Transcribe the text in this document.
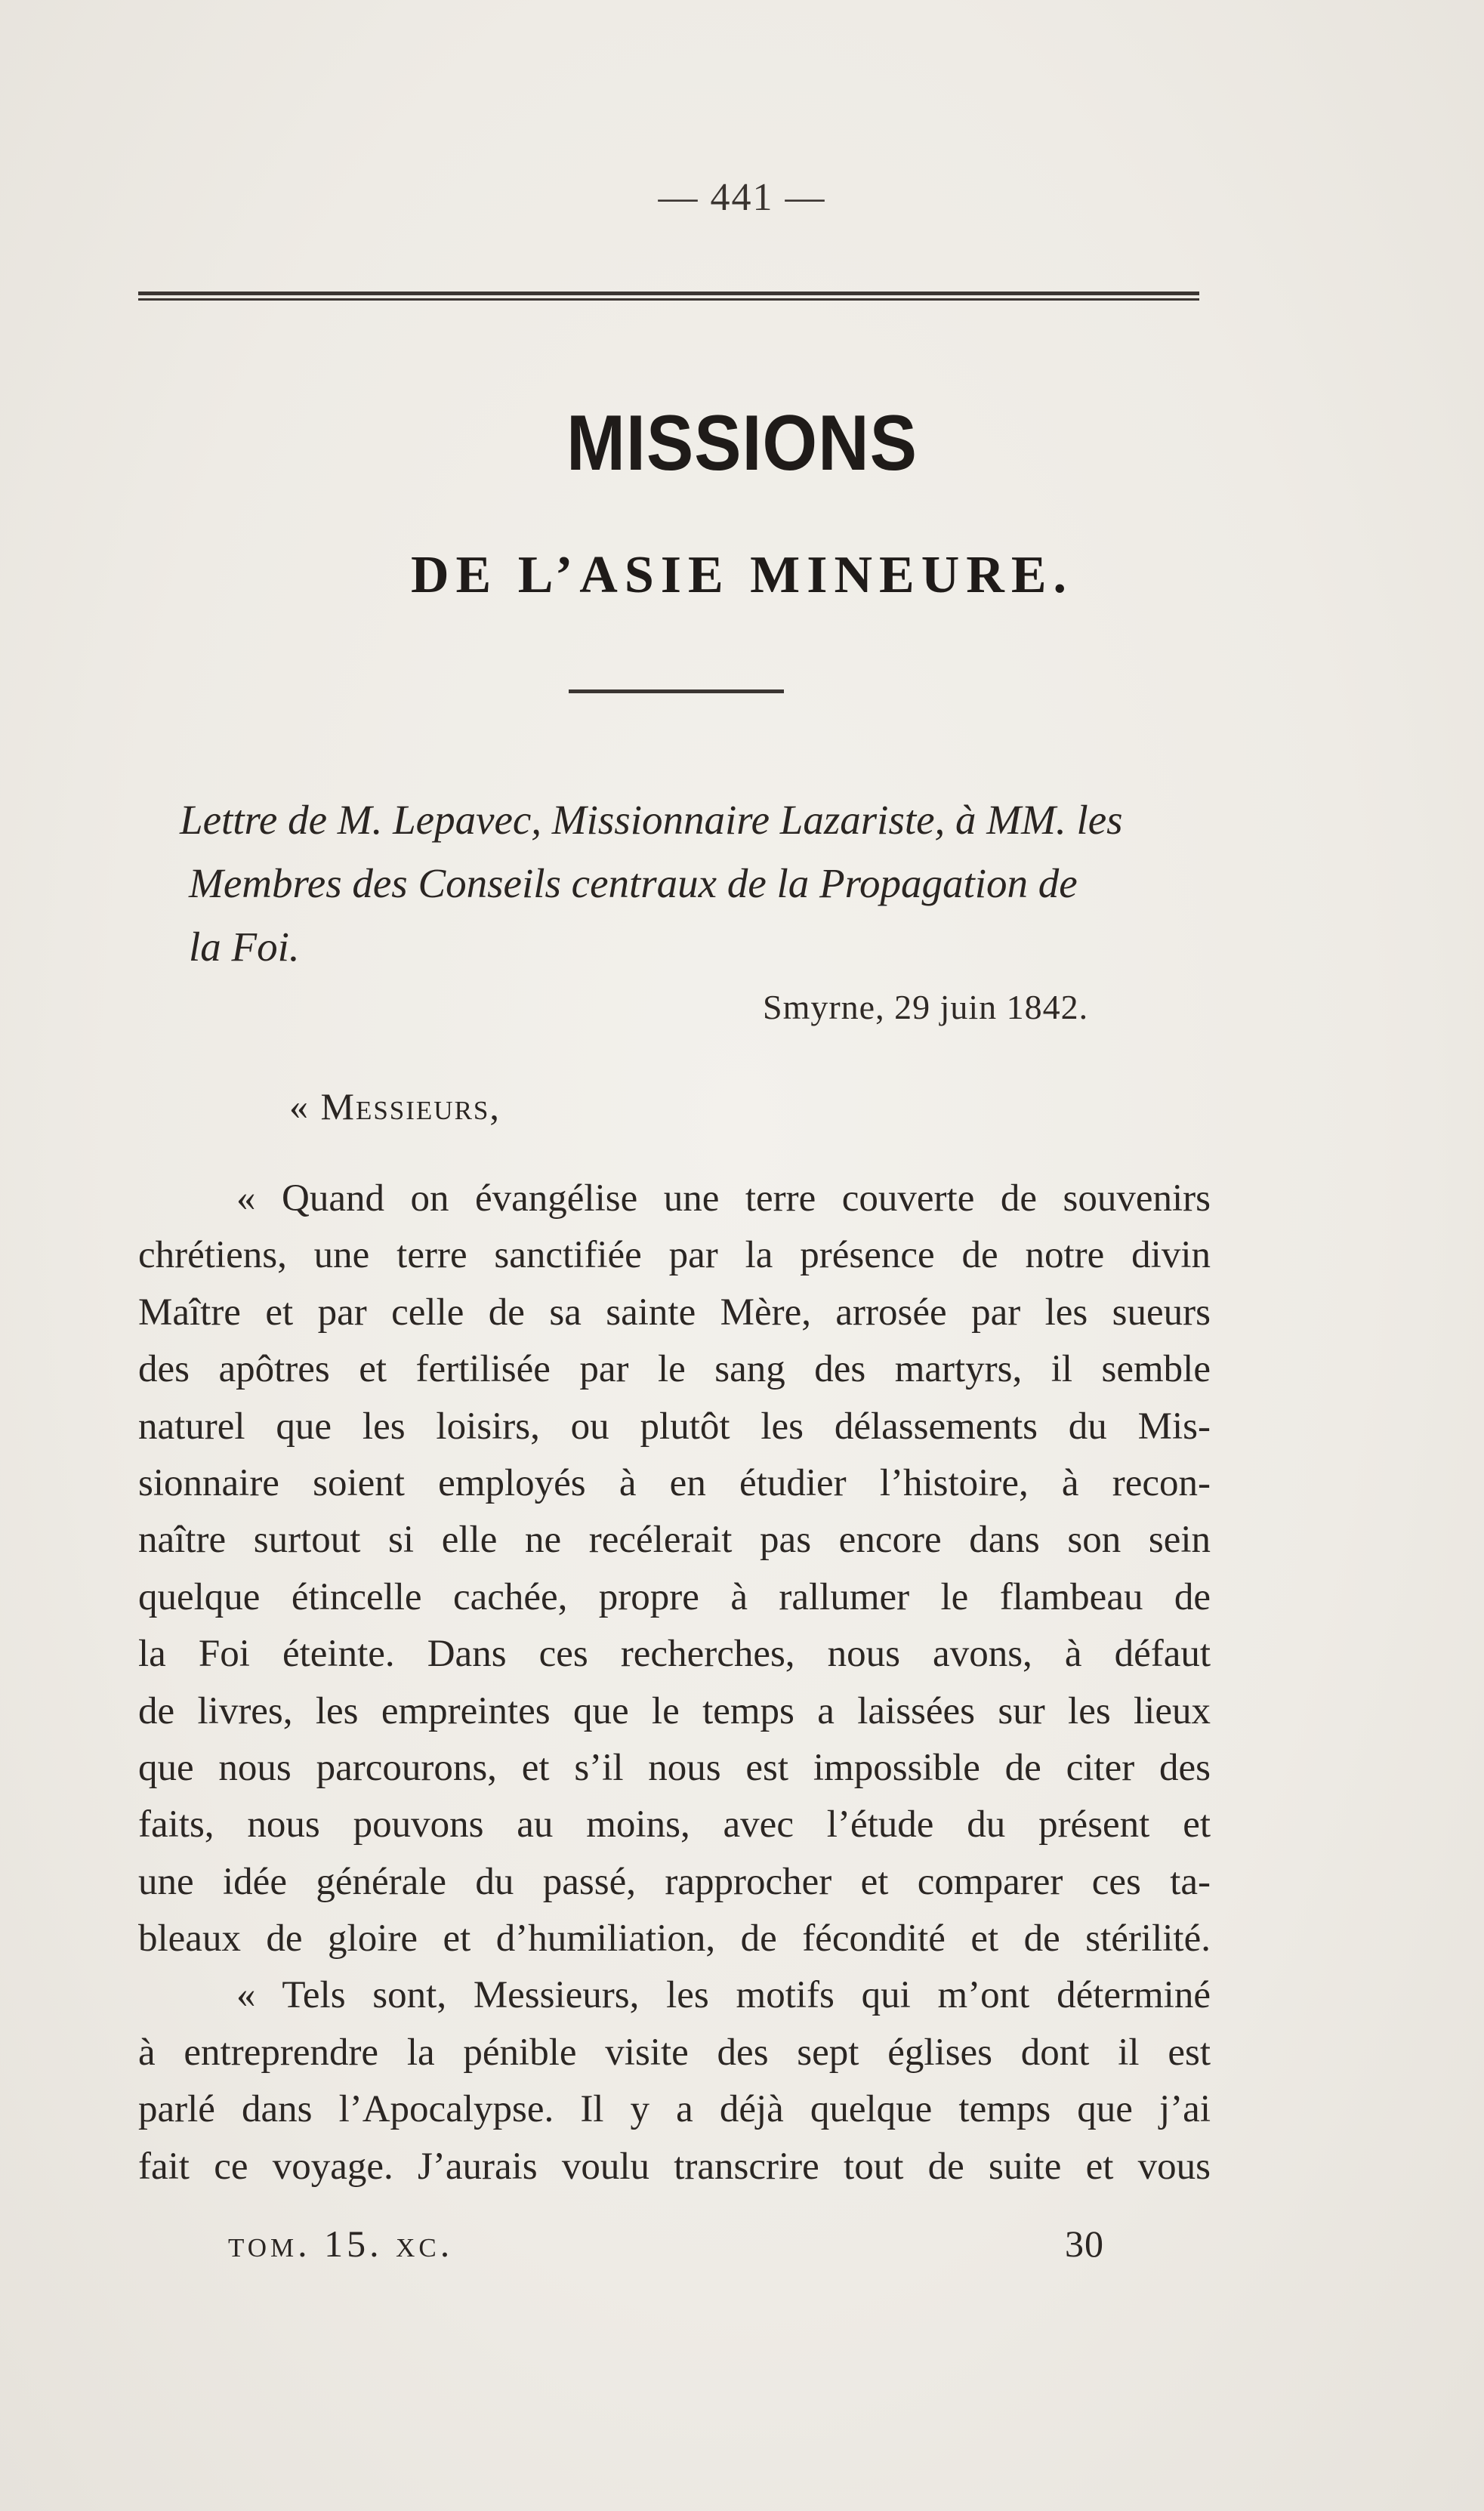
— 441 —
MISSIONS
DE L’ASIE MINEURE.
Lettre de M. Lepavec, Missionnaire Lazariste, à MM. les
Membres des Conseils centraux de la Propagation de
la Foi.
Smyrne, 29 juin 1842.
« Messieurs,
« Quand on évangélise une terre couverte de souvenirs
chrétiens, une terre sanctifiée par la présence de notre divin
Maître et par celle de sa sainte Mère, arrosée par les sueurs
des apôtres et fertilisée par le sang des martyrs, il semble
naturel que les loisirs, ou plutôt les délassements du Mis-
sionnaire soient employés à en étudier l’histoire, à recon-
naître surtout si elle ne recélerait pas encore dans son sein
quelque étincelle cachée, propre à rallumer le flambeau de
la Foi éteinte. Dans ces recherches, nous avons, à défaut
de livres, les empreintes que le temps a laissées sur les lieux
que nous parcourons, et s’il nous est impossible de citer des
faits, nous pouvons au moins, avec l’étude du présent et
une idée générale du passé, rapprocher et comparer ces ta-
bleaux de gloire et d’humiliation, de fécondité et de stérilité.
« Tels sont, Messieurs, les motifs qui m’ont déterminé
à entreprendre la pénible visite des sept églises dont il est
parlé dans l’Apocalypse. Il y a déjà quelque temps que j’ai
fait ce voyage. J’aurais voulu transcrire tout de suite et vous
tom. 15. xc.	30
